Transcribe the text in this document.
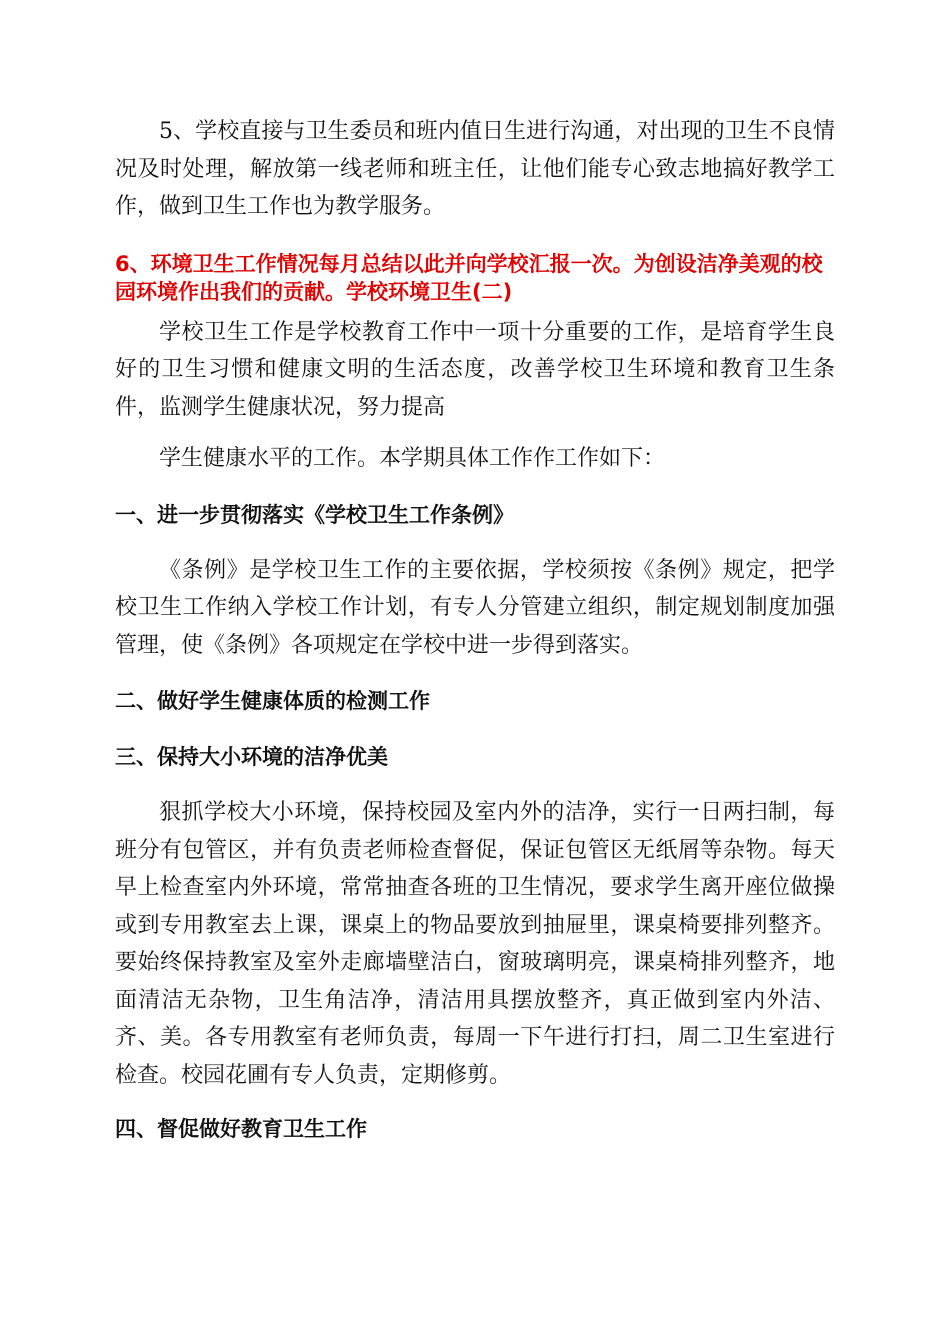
5、学校直接与卫生委员和班内值日生进行沟通，对出现的卫生不良情况及时处理，解放第一线老师和班主任，让他们能专心致志地搞好教学工作，做到卫生工作也为教学服务。

6、环境卫生工作情况每月总结以此并向学校汇报一次。为创设洁净美观的校园环境作出我们的贡献。学校环境卫生(二)

学校卫生工作是学校教育工作中一项十分重要的工作，是培育学生良好的卫生习惯和健康文明的生活态度，改善学校卫生环境和教育卫生条件，监测学生健康状况，努力提高

学生健康水平的工作。本学期具体工作作工作如下：

一、进一步贯彻落实《学校卫生工作条例》

《条例》是学校卫生工作的主要依据，学校须按《条例》规定，把学校卫生工作纳入学校工作计划，有专人分管建立组织，制定规划制度加强管理，使《条例》各项规定在学校中进一步得到落实。

二、做好学生健康体质的检测工作

三、保持大小环境的洁净优美

狠抓学校大小环境，保持校园及室内外的洁净，实行一日两扫制，每班分有包管区，并有负责老师检查督促，保证包管区无纸屑等杂物。每天早上检查室内外环境，常常抽查各班的卫生情况，要求学生离开座位做操或到专用教室去上课，课桌上的物品要放到抽屉里，课桌椅要排列整齐。要始终保持教室及室外走廊墙壁洁白，窗玻璃明亮，课桌椅排列整齐，地面清洁无杂物，卫生角洁净，清洁用具摆放整齐，真正做到室内外洁、齐、美。各专用教室有老师负责，每周一下午进行打扫，周二卫生室进行检查。校园花圃有专人负责，定期修剪。

四、督促做好教育卫生工作
